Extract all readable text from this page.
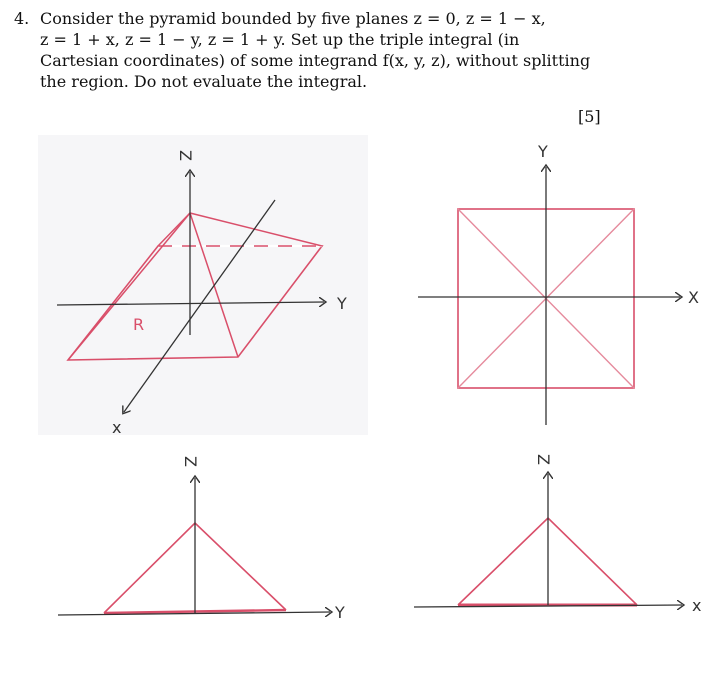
4. Consider the pyramid bounded by five planes z = 0, z = 1 − x,
z = 1 + x, z = 1 − y, z = 1 + y. Set up the triple integral (in
Cartesian coordinates) of some integrand f(x, y, z), without splitting
the region. Do not evaluate the integral.
[5]
Z
Y
x
R
Y
X
Z
Y
Z
x
